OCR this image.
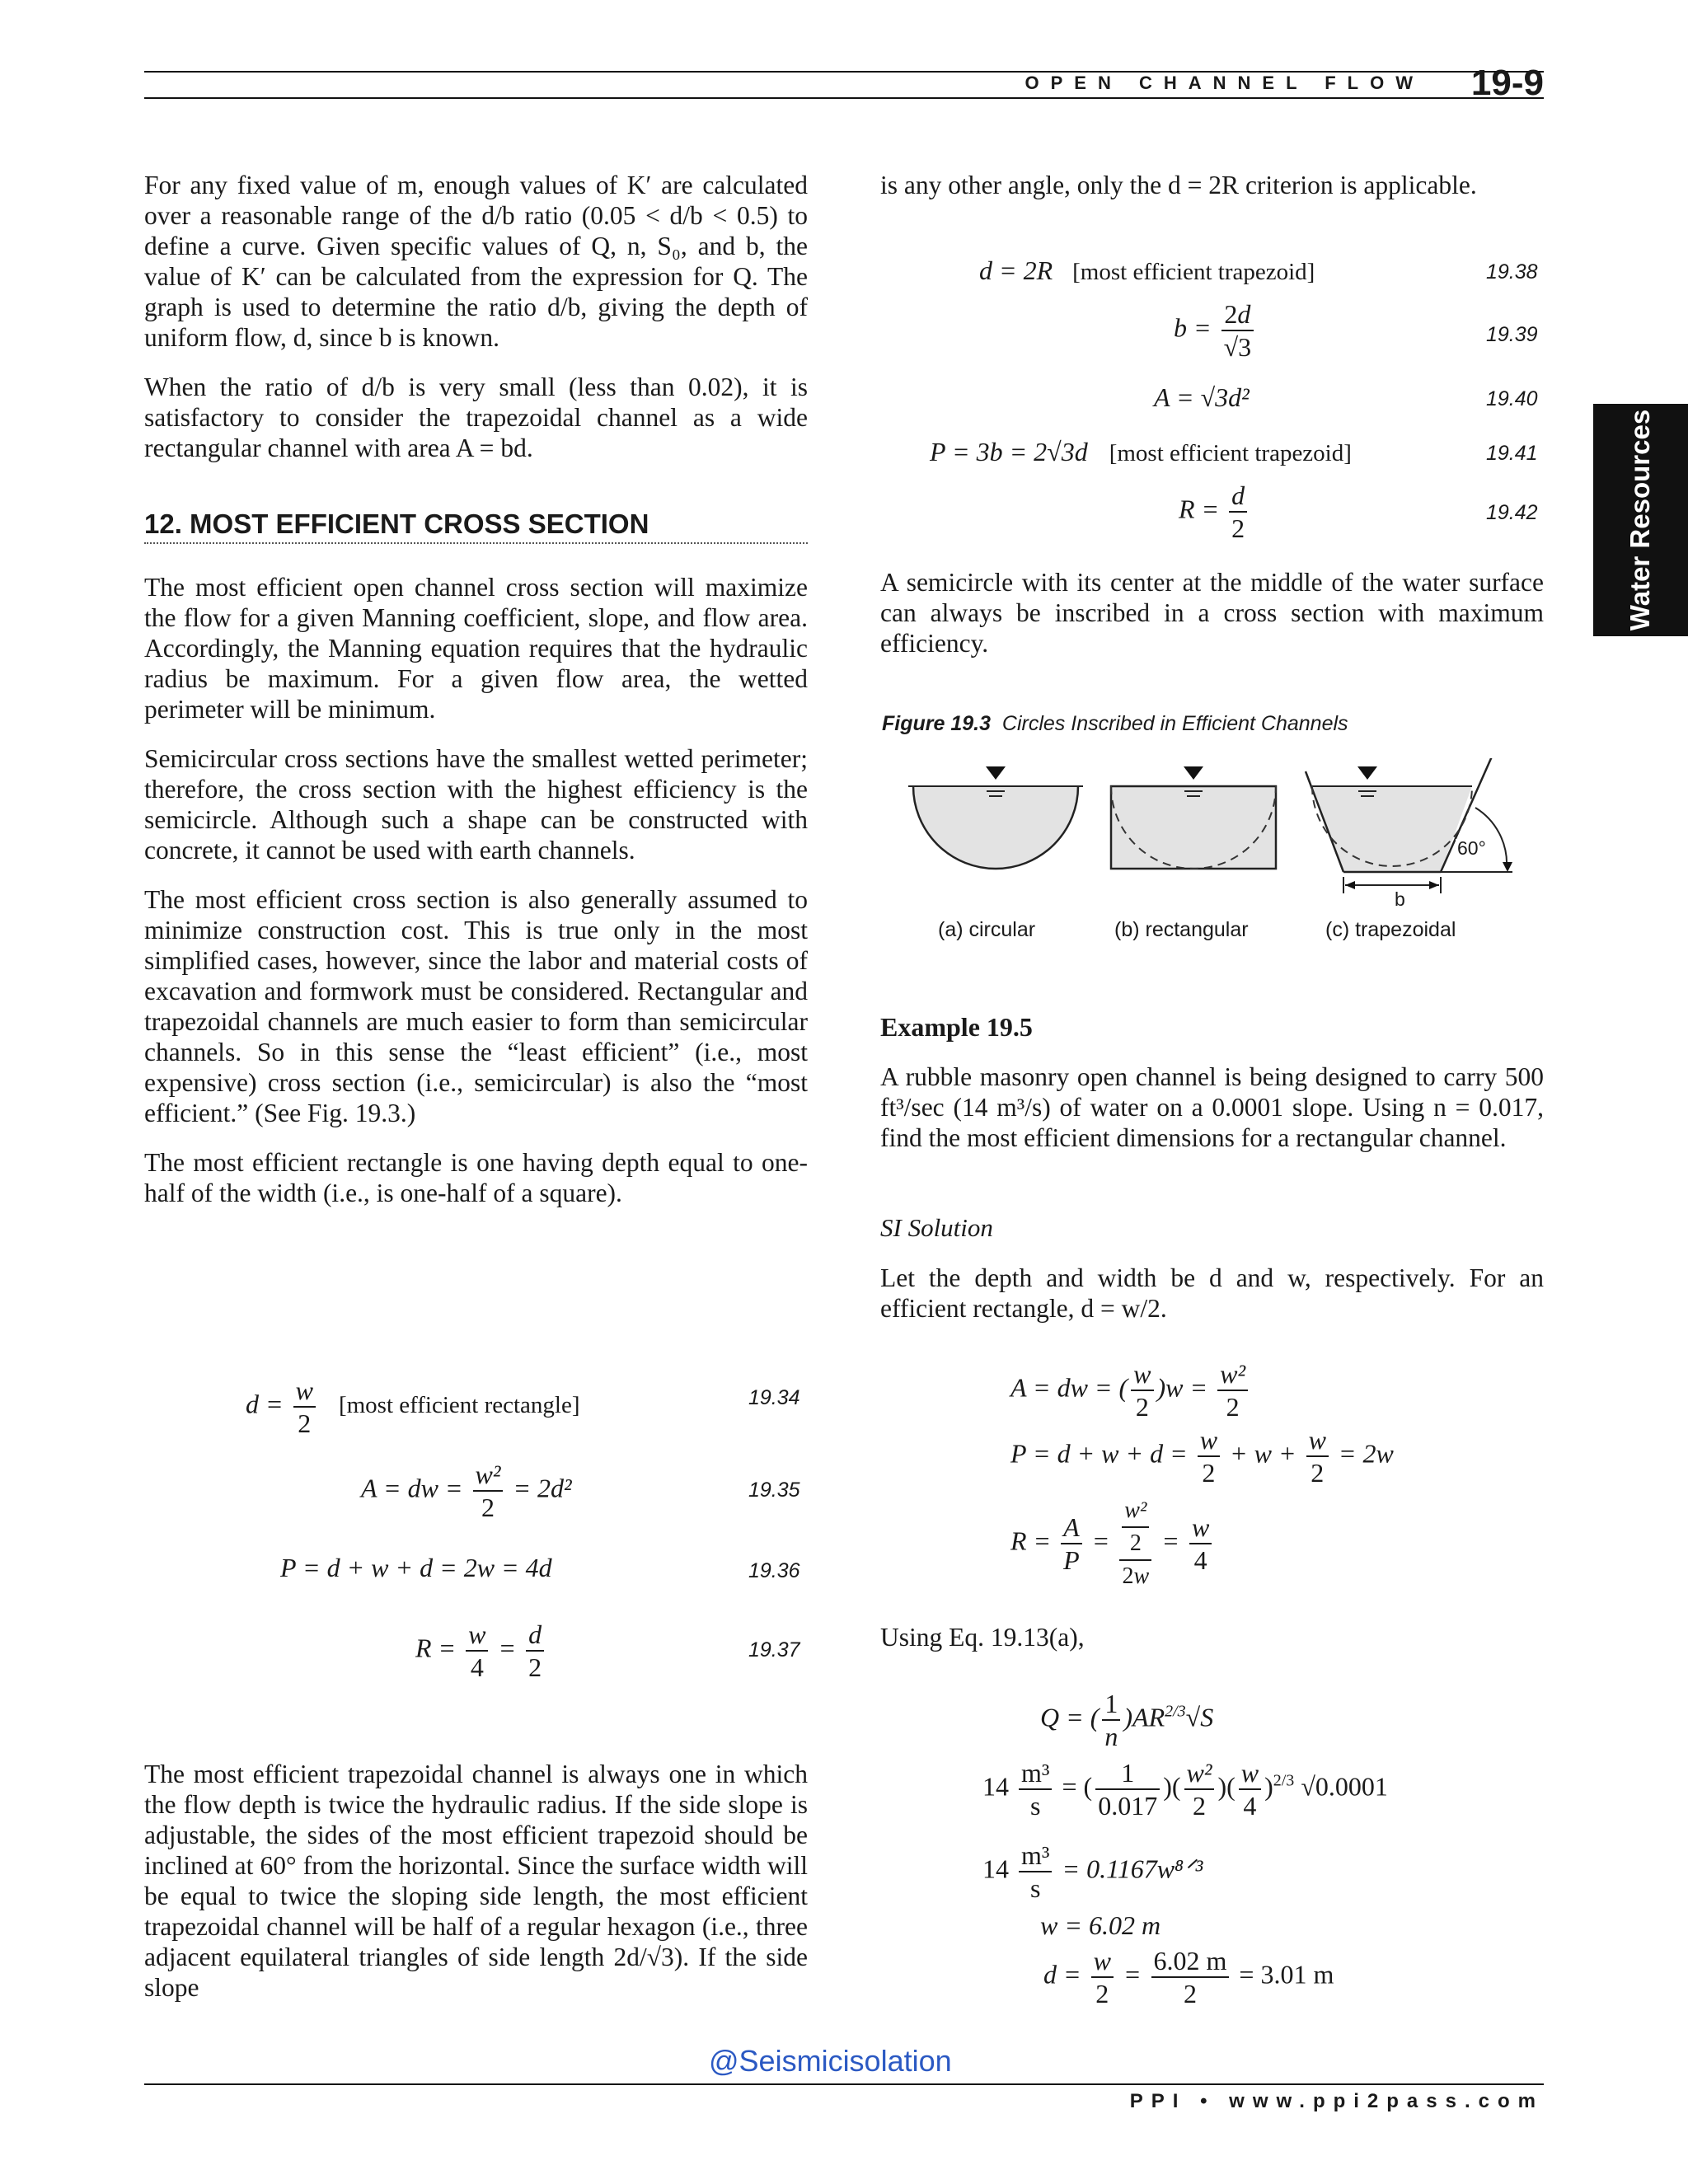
OPEN CHANNEL FLOW 19-9
Water Resources

For any fixed value of m, enough values of K′ are calculated over a reasonable range of the d/b ratio (0.05 < d/b < 0.5) to define a curve. Given specific values of Q, n, S₀, and b, the value of K′ can be calculated from the expression for Q. The graph is used to determine the ratio d/b, giving the depth of uniform flow, d, since b is known.

When the ratio of d/b is very small (less than 0.02), it is satisfactory to consider the trapezoidal channel as a wide rectangular channel with area A = bd.

12. MOST EFFICIENT CROSS SECTION

The most efficient open channel cross section will maximize the flow for a given Manning coefficient, slope, and flow area. Accordingly, the Manning equation requires that the hydraulic radius be maximum. For a given flow area, the wetted perimeter will be minimum.

Semicircular cross sections have the smallest wetted perimeter; therefore, the cross section with the highest efficiency is the semicircle. Although such a shape can be constructed with concrete, it cannot be used with earth channels.

The most efficient cross section is also generally assumed to minimize construction cost. This is true only in the most simplified cases, however, since the labor and material costs of excavation and formwork must be considered. Rectangular and trapezoidal channels are much easier to form than semicircular channels. So in this sense the “least efficient” (i.e., most expensive) cross section (i.e., semicircular) is also the “most efficient.” (See Fig. 19.3.)

The most efficient rectangle is one having depth equal to one-half of the width (i.e., is one-half of a square).

$d = \frac{w}{2}$ [most efficient rectangle]	19.34
A = dw = $\frac{\text{w²}}{2} = 2d^2$	19.35
P = d + w + d = 2w = 4d	19.36
$R = \frac{w}{4} = \frac{d}{2}$	19.37

The most efficient trapezoidal channel is always one in which the flow depth is twice the hydraulic radius. If the side slope is adjustable, the sides of the most efficient trapezoid should be inclined at 60° from the horizontal. Since the surface width will be equal to twice the sloping side length, the most efficient trapezoidal channel will be half of a regular hexagon (i.e., three adjacent equilateral triangles of side length 2d/√3). If the side slope

is any other angle, only the d = 2R criterion is applicable.

d = 2R [most efficient trapezoid]	19.38
$b = \frac{2d}{√3}$	19.39
A = √3d²	19.40
P = 3b = 2√3d [most efficient trapezoid]	19.41
$R = \frac{d}{2}$	19.42

A semicircle with its center at the middle of the water surface can always be inscribed in a cross section with maximum efficiency.

Figure 19.3 Circles Inscribed in Efficient Channels
60°
b
(a) circular	(b) rectangular	(c) trapezoidal
Example 19.5

A rubble masonry open channel is being designed to carry 500 ft³/sec (14 m³/s) of water on a 0.0001 slope. Using n = 0.017, find the most efficient dimensions for a rectangular channel.

SI Solution

Let the depth and width be d and w, respectively. For an efficient rectangle, d = w/2.

A = dw = ( $\frac{w}{2} )w = \frac{\text{w²}}{2}$
$P = d + w + d = \frac{w}{2} + w + \frac{w}{2} = 2w$
$R = \frac{A}{P} = \frac{\frac{\text{w²}}{2}}{2w} = \frac{w}{4}$

Using Eq. 19.13(a),

Q = ( $\frac{1}{n} )AR^{2/3}√S$
$14 \frac{\text{m³}}{s}$ = ( $\frac{1}{0.017}$ )( $\frac{\text{w²}}{2}$ )( $\frac{w}{4} )^{2/3}$ √0.0001
$14 \frac{\text{m³}}{s}$ = 0.1167w⁸ᐟ³
w = 6.02 m
$d = \frac{w}{2} = \frac{6.02 m}{2} = 3.01$ m
@Seismicisolation
PPI • www.ppi2pass.com
